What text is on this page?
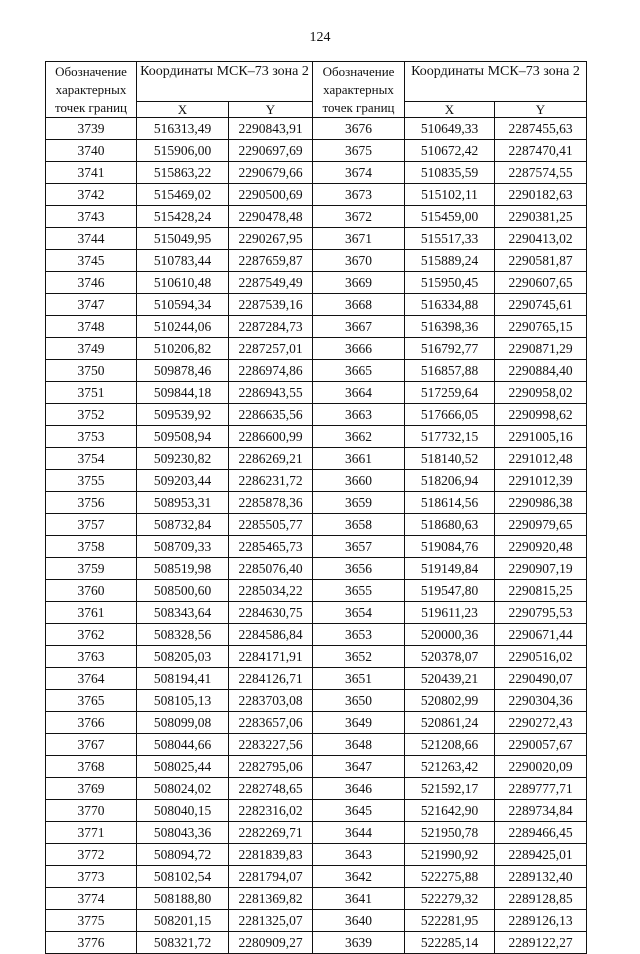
124
Обозначение характерных точек границ	Координаты МСК–73 зона 2		Обозначение характерных точек границ	Координаты МСК–73 зона 2	
	X	Y		X	Y
3739	516313,49	2290843,91	3676	510649,33	2287455,63
3740	515906,00	2290697,69	3675	510672,42	2287470,41
3741	515863,22	2290679,66	3674	510835,59	2287574,55
3742	515469,02	2290500,69	3673	515102,11	2290182,63
3743	515428,24	2290478,48	3672	515459,00	2290381,25
3744	515049,95	2290267,95	3671	515517,33	2290413,02
3745	510783,44	2287659,87	3670	515889,24	2290581,87
3746	510610,48	2287549,49	3669	515950,45	2290607,65
3747	510594,34	2287539,16	3668	516334,88	2290745,61
3748	510244,06	2287284,73	3667	516398,36	2290765,15
3749	510206,82	2287257,01	3666	516792,77	2290871,29
3750	509878,46	2286974,86	3665	516857,88	2290884,40
3751	509844,18	2286943,55	3664	517259,64	2290958,02
3752	509539,92	2286635,56	3663	517666,05	2290998,62
3753	509508,94	2286600,99	3662	517732,15	2291005,16
3754	509230,82	2286269,21	3661	518140,52	2291012,48
3755	509203,44	2286231,72	3660	518206,94	2291012,39
3756	508953,31	2285878,36	3659	518614,56	2290986,38
3757	508732,84	2285505,77	3658	518680,63	2290979,65
3758	508709,33	2285465,73	3657	519084,76	2290920,48
3759	508519,98	2285076,40	3656	519149,84	2290907,19
3760	508500,60	2285034,22	3655	519547,80	2290815,25
3761	508343,64	2284630,75	3654	519611,23	2290795,53
3762	508328,56	2284586,84	3653	520000,36	2290671,44
3763	508205,03	2284171,91	3652	520378,07	2290516,02
3764	508194,41	2284126,71	3651	520439,21	2290490,07
3765	508105,13	2283703,08	3650	520802,99	2290304,36
3766	508099,08	2283657,06	3649	520861,24	2290272,43
3767	508044,66	2283227,56	3648	521208,66	2290057,67
3768	508025,44	2282795,06	3647	521263,42	2290020,09
3769	508024,02	2282748,65	3646	521592,17	2289777,71
3770	508040,15	2282316,02	3645	521642,90	2289734,84
3771	508043,36	2282269,71	3644	521950,78	2289466,45
3772	508094,72	2281839,83	3643	521990,92	2289425,01
3773	508102,54	2281794,07	3642	522275,88	2289132,40
3774	508188,80	2281369,82	3641	522279,32	2289128,85
3775	508201,15	2281325,07	3640	522281,95	2289126,13
3776	508321,72	2280909,27	3639	522285,14	2289122,27
